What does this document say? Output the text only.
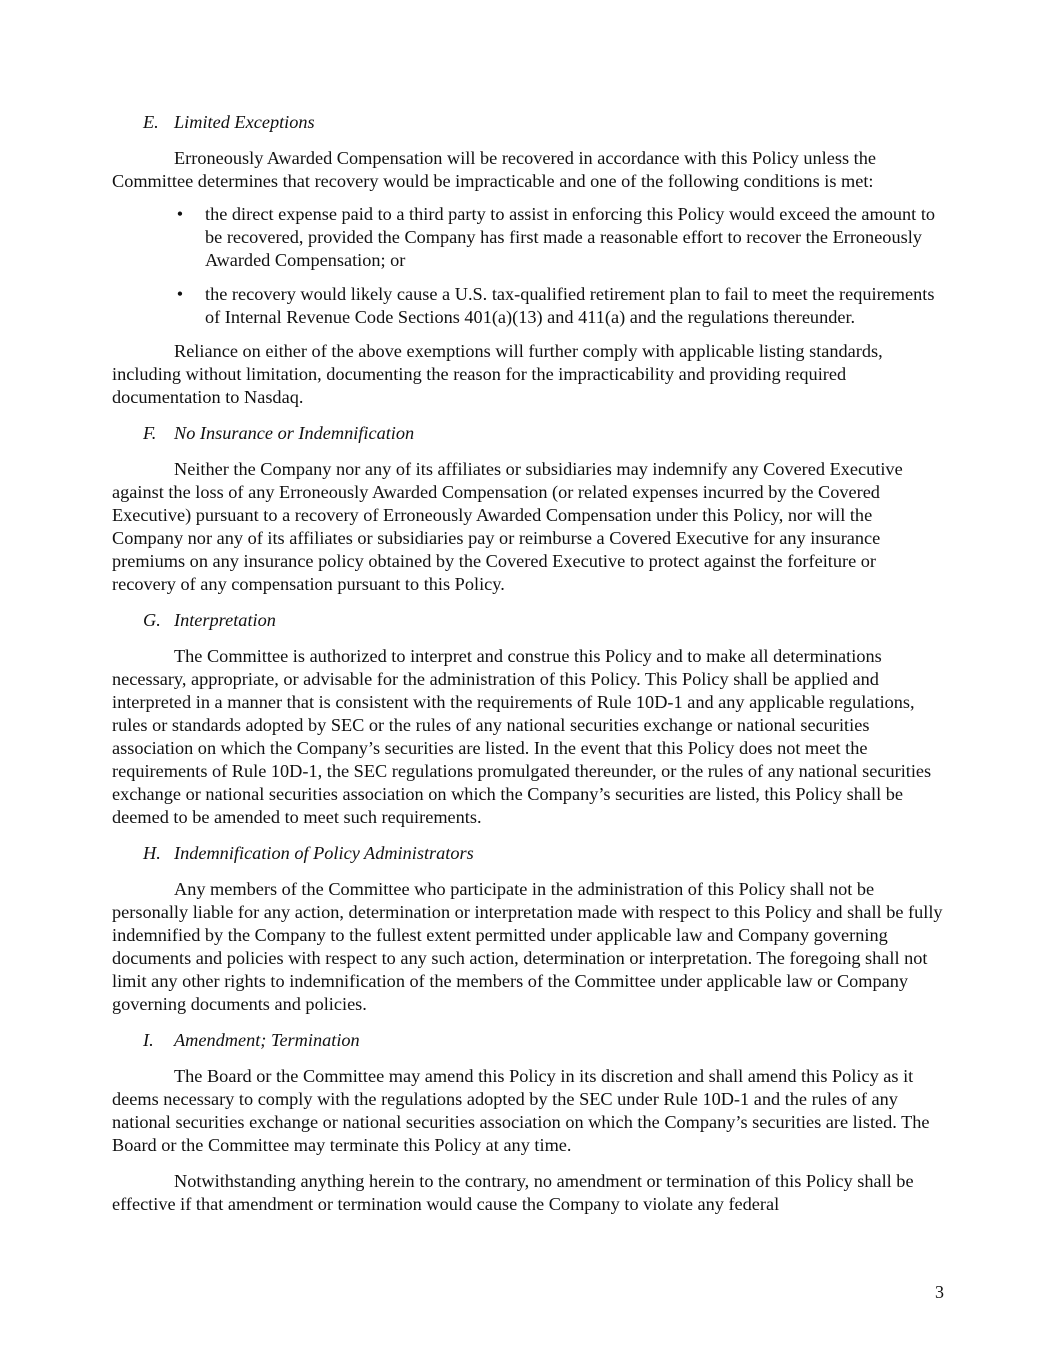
E. Limited Exceptions

Erroneously Awarded Compensation will be recovered in accordance with this Policy unless the Committee determines that recovery would be impracticable and one of the following conditions is met:

• the direct expense paid to a third party to assist in enforcing this Policy would exceed the amount to be recovered, provided the Company has first made a reasonable effort to recover the Erroneously Awarded Compensation; or
• the recovery would likely cause a U.S. tax-qualified retirement plan to fail to meet the requirements of Internal Revenue Code Sections 401(a)(13) and 411(a) and the regulations thereunder.

Reliance on either of the above exemptions will further comply with applicable listing standards, including without limitation, documenting the reason for the impracticability and providing required documentation to Nasdaq.

F. No Insurance or Indemnification

Neither the Company nor any of its affiliates or subsidiaries may indemnify any Covered Executive against the loss of any Erroneously Awarded Compensation (or related expenses incurred by the Covered Executive) pursuant to a recovery of Erroneously Awarded Compensation under this Policy, nor will the Company nor any of its affiliates or subsidiaries pay or reimburse a Covered Executive for any insurance premiums on any insurance policy obtained by the Covered Executive to protect against the forfeiture or recovery of any compensation pursuant to this Policy.

G. Interpretation

The Committee is authorized to interpret and construe this Policy and to make all determinations necessary, appropriate, or advisable for the administration of this Policy. This Policy shall be applied and interpreted in a manner that is consistent with the requirements of Rule 10D-1 and any applicable regulations, rules or standards adopted by SEC or the rules of any national securities exchange or national securities association on which the Company’s securities are listed. In the event that this Policy does not meet the requirements of Rule 10D-1, the SEC regulations promulgated thereunder, or the rules of any national securities exchange or national securities association on which the Company’s securities are listed, this Policy shall be deemed to be amended to meet such requirements.

H. Indemnification of Policy Administrators

Any members of the Committee who participate in the administration of this Policy shall not be personally liable for any action, determination or interpretation made with respect to this Policy and shall be fully indemnified by the Company to the fullest extent permitted under applicable law and Company governing documents and policies with respect to any such action, determination or interpretation. The foregoing shall not limit any other rights to indemnification of the members of the Committee under applicable law or Company governing documents and policies.

I. Amendment; Termination

The Board or the Committee may amend this Policy in its discretion and shall amend this Policy as it deems necessary to comply with the regulations adopted by the SEC under Rule 10D-1 and the rules of any national securities exchange or national securities association on which the Company’s securities are listed. The Board or the Committee may terminate this Policy at any time.

Notwithstanding anything herein to the contrary, no amendment or termination of this Policy shall be effective if that amendment or termination would cause the Company to violate any federal

3
